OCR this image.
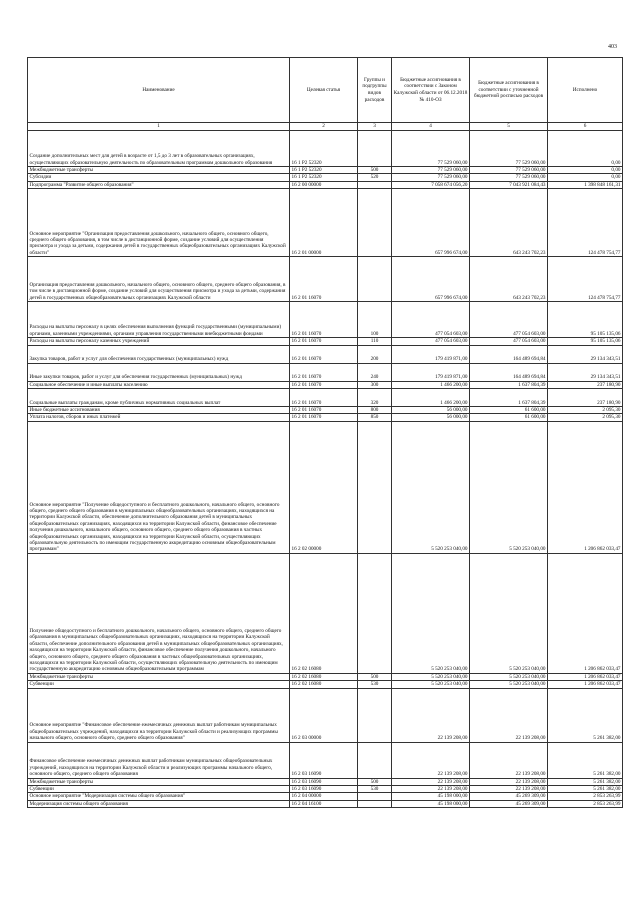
403
Наименование	Целевая статья	Группы и подгруппы видов расходов	Бюджетные ассигнования в соответствии с Законом Калужской области от 06.12.2018 № 410-ОЗ	Бюджетные ассигнования в соответствии с уточненной бюджетной росписью расходов	Исполнено
1	2	3	4	5	6
Создание дополнительных мест для детей в возрасте от 1,5 до 3 лет в образовательных организациях, осуществляющих образовательную деятельность по образовательным программам дошкольного образования	16 1 P2 52320		77 529 060,00	77 529 060,00	0,00
Межбюджетные трансферты	16 1 P2 52320	500	77 529 060,00	77 529 060,00	0,00
Субсидии	16 1 P2 52320	520	77 529 060,00	77 529 060,00	0,00
Подпрограмма "Развитие общего образования"	16 2 00 00000		7 058 674 056,20	7 043 921 084,43	1 398 848 161,31
Основное мероприятие "Организация предоставления дошкольного, начального общего, основного общего, среднего общего образования, в том числе в дистанционной форме, создание условий для осуществления присмотра и ухода за детьми, содержания детей в государственных общеобразовательных организациях Калужской области"	16 2 01 00000		657 996 674,00	643 243 702,23	124 478 754,77
Организация предоставления дошкольного, начального общего, основного общего, среднего общего образования, в том числе в дистанционной форме, создание условий для осуществления присмотра и ухода за детьми, содержания детей в государственных общеобразовательных организациях Калужской области	16 2 01 16070		657 996 674,00	643 243 702,23	124 478 754,77
Расходы на выплаты персоналу в целях обеспечения выполнения функций государственными (муниципальными) органами, казенными учреждениями, органами управления государственными внебюджетными фондами	16 2 01 16070	100	477 054 603,00	477 054 603,00	95 105 135,06
Расходы на выплаты персоналу казенных учреждений	16 2 01 16070	110	477 054 603,00	477 054 603,00	95 105 135,06
Закупка товаров, работ и услуг для обеспечения государственных (муниципальных) нужд	16 2 01 16070	200	179 419 871,00	164 489 694,84	29 134 343,51
Иные закупки товаров, работ и услуг для обеспечения государственных (муниципальных) нужд	16 2 01 16070	240	179 419 871,00	164 489 694,84	29 134 343,51
Социальное обеспечение и иные выплаты населению	16 2 01 16070	300	1 466 200,00	1 637 804,39	237 180,90
Социальные выплаты гражданам, кроме публичных нормативных социальных выплат	16 2 01 16070	320	1 466 200,00	1 637 804,39	237 180,90
Иные бюджетные ассигнования	16 2 01 16070	800	56 000,00	61 600,00	2 095,30
Уплата налогов, сборов и иных платежей	16 2 01 16070	850	56 000,00	61 600,00	2 095,30
Основное мероприятие "Получение общедоступного и бесплатного дошкольного, начального общего, основного общего, среднего общего образования в муниципальных общеобразовательных организациях, находящихся на территории Калужской области, обеспечение дополнительного образования детей в муниципальных общеобразовательных организациях, находящихся на территории Калужской области, финансовое обеспечение получения дошкольного, начального общего, основного общего, среднего общего образования в частных общеобразовательных организациях, находящихся на территории Калужской области, осуществляющих образовательную деятельность по имеющим государственную аккредитацию основным общеобразовательным программам"	16 2 02 00000		5 520 253 040,00	5 520 253 040,00	1 206 862 033,47
Получение общедоступного и бесплатного дошкольного, начального общего, основного общего, среднего общего образования в муниципальных общеобразовательных организациях, находящихся на территории Калужской области, обеспечение дополнительного образования детей в муниципальных общеобразовательных организациях, находящихся на территории Калужской области, финансовое обеспечение получения дошкольного, начального общего, основного общего, среднего общего образования в частных общеобразовательных организациях, находящихся на территории Калужской области, осуществляющих образовательную деятельность по имеющим государственную аккредитацию основным общеобразовательным программам	16 2 02 16080		5 520 253 040,00	5 520 253 040,00	1 206 862 033,47
Межбюджетные трансферты	16 2 02 16080	500	5 520 253 040,00	5 520 253 040,00	1 206 862 033,47
Субвенции	16 2 02 16080	530	5 520 253 040,00	5 520 253 040,00	1 206 862 033,47
Основное мероприятие "Финансовое обеспечение ежемесячных денежных выплат работникам муниципальных общеобразовательных учреждений, находящихся на территории Калужской области и реализующих программы начального общего, основного общего, среднего общего образования"	16 2 03 00000		22 139 208,00	22 139 208,00	5 261 382,00
Финансовое обеспечение ежемесячных денежных выплат работникам муниципальных общеобразовательных учреждений, находящихся на территории Калужской области и реализующих программы начального общего, основного общего, среднего общего образования	16 2 03 16090		22 139 208,00	22 139 208,00	5 261 382,00
Межбюджетные трансферты	16 2 03 16090	500	22 139 208,00	22 139 208,00	5 261 382,00
Субвенции	16 2 03 16090	530	22 139 208,00	22 139 208,00	5 261 382,00
Основное мероприятие "Модернизация системы общего образования"	16 2 04 00000		45 198 000,00	45 269 309,00	2 853 263,99
Модернизация системы общего образования	16 2 04 16100		45 198 000,00	45 269 309,00	2 853 263,99
